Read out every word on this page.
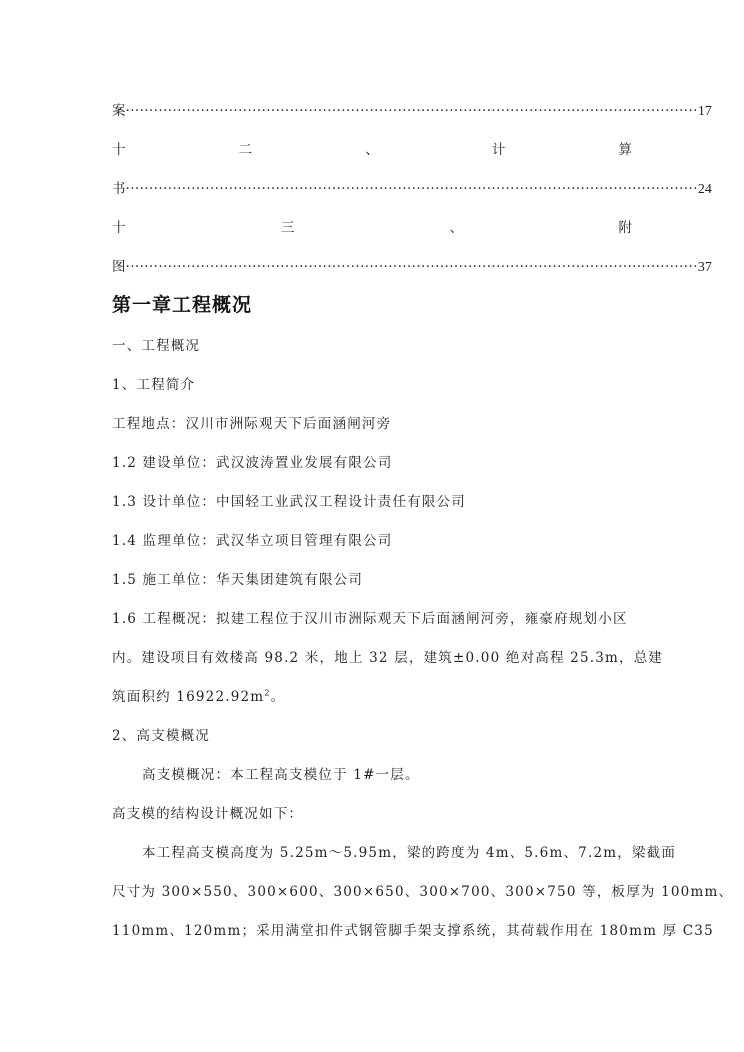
案 ·························································································································· 17
十	二	、	计	算
书 ·························································································································· 24
十	三	、	附
图 ·························································································································· 37
第一章工程概况
一、工程概况
1、工程简介
工程地点：汉川市洲际观天下后面涵闸河旁
1.2 建设单位：武汉波涛置业发展有限公司
1.3 设计单位：中国轻工业武汉工程设计责任有限公司
1.4 监理单位：武汉华立项目管理有限公司
1.5 施工单位：华天集团建筑有限公司
1.6 工程概况：拟建工程位于汉川市洲际观天下后面涵闸河旁，雍豪府规划小区
内。建设项目有效楼高 98.2 米，地上 32 层，建筑±0.00 绝对高程 25.3m，总建
筑面积约 $16922.92m^2$。
2、高支模概况
高支模概况：本工程高支模位于 1#一层。
高支模的结构设计概况如下：
本工程高支模高度为 5.25m～5.95m，梁的跨度为 4m、5.6m、7.2m，梁截面
尺寸为 300×550、300×600、300×650、300×700、300×750 等，板厚为 100mm、
110mm、120mm；采用满堂扣件式钢管脚手架支撑系统，其荷载作用在 180mm 厚 C35
